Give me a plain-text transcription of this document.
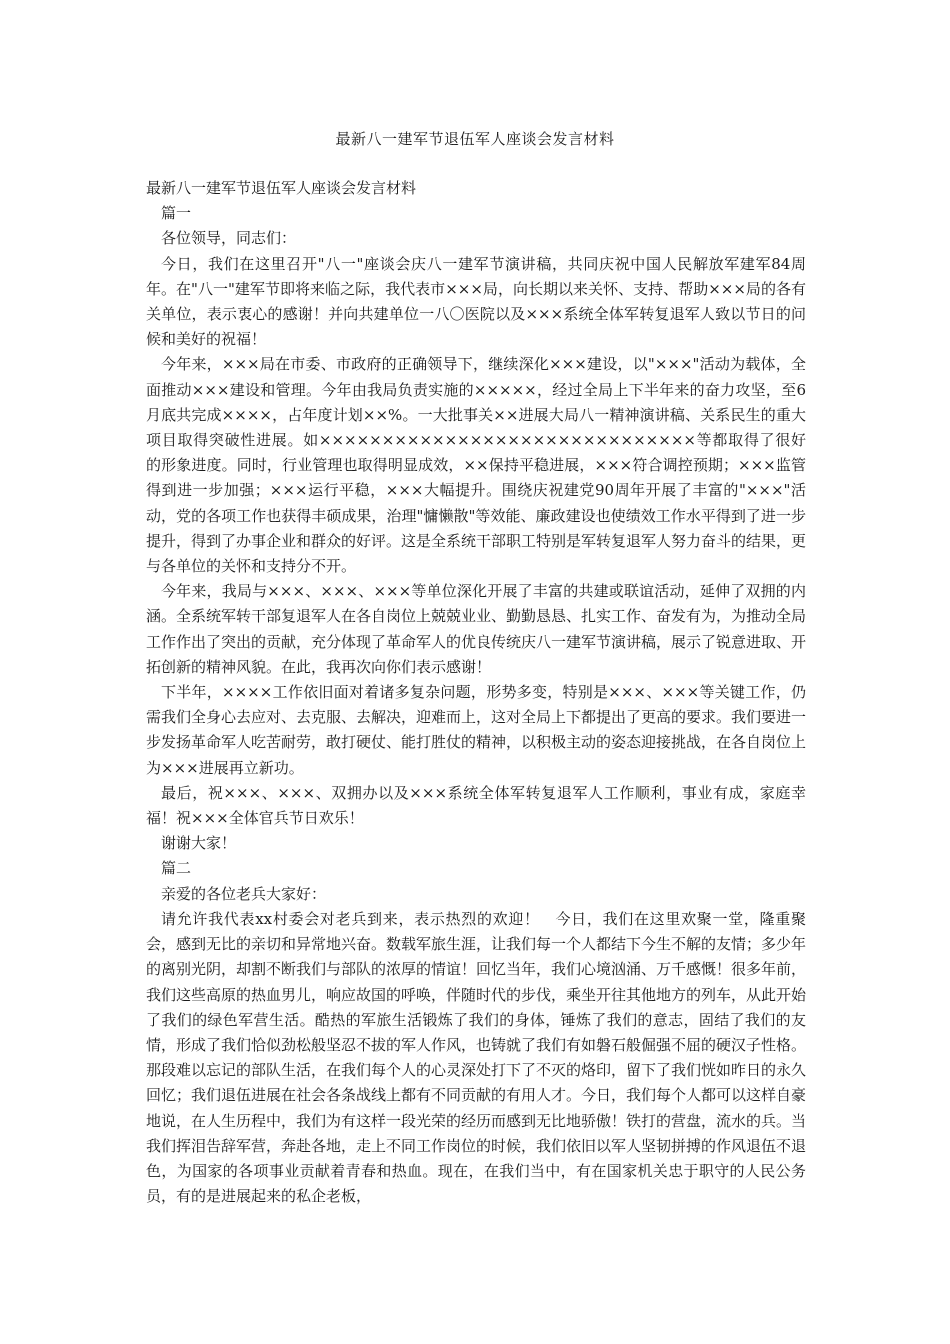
最新八一建军节退伍军人座谈会发言材料

最新八一建军节退伍军人座谈会发言材料

篇一

各位领导，同志们：

今日，我们在这里召开"八一"座谈会庆八一建军节演讲稿，共同庆祝中国人民解放军建军84周年。在"八一"建军节即将来临之际，我代表市×××局，向长期以来关怀、支持、帮助×××局的各有关单位，表示衷心的感谢！并向共建单位一八〇医院以及×××系统全体军转复退军人致以节日的问候和美好的祝福！

今年来，×××局在市委、市政府的正确领导下，继续深化×××建设，以"×××"活动为载体，全面推动×××建设和管理。今年由我局负责实施的×××××，经过全局上下半年来的奋力攻坚，至6月底共完成××××，占年度计划××%。一大批事关××进展大局八一精神演讲稿、关系民生的重大项目取得突破性进展。如××××××××××××××××××××××××××××××等都取得了很好的形象进度。同时，行业管理也取得明显成效，××保持平稳进展，×××符合调控预期；×××监管得到进一步加强；×××运行平稳，×××大幅提升。围绕庆祝建党90周年开展了丰富的"×××"活动，党的各项工作也获得丰硕成果，治理"慵懒散"等效能、廉政建设也使绩效工作水平得到了进一步提升，得到了办事企业和群众的好评。这是全系统干部职工特别是军转复退军人努力奋斗的结果，更与各单位的关怀和支持分不开。

今年来，我局与×××、×××、×××等单位深化开展了丰富的共建或联谊活动，延伸了双拥的内涵。全系统军转干部复退军人在各自岗位上兢兢业业、勤勤恳恳、扎实工作、奋发有为，为推动全局工作作出了突出的贡献，充分体现了革命军人的优良传统庆八一建军节演讲稿，展示了锐意进取、开拓创新的精神风貌。在此，我再次向你们表示感谢！

下半年，××××工作依旧面对着诸多复杂问题，形势多变，特别是×××、×××等关键工作，仍需我们全身心去应对、去克服、去解决，迎难而上，这对全局上下都提出了更高的要求。我们要进一步发扬革命军人吃苦耐劳，敢打硬仗、能打胜仗的精神，以积极主动的姿态迎接挑战，在各自岗位上为×××进展再立新功。

最后，祝×××、×××、双拥办以及×××系统全体军转复退军人工作顺利，事业有成，家庭幸福！祝×××全体官兵节日欢乐！

谢谢大家！

篇二

亲爱的各位老兵大家好：

请允许我代表xx村委会对老兵到来，表示热烈的欢迎！　今日，我们在这里欢聚一堂，隆重聚会，感到无比的亲切和异常地兴奋。数载军旅生涯，让我们每一个人都结下今生不解的友情；多少年的离别光阴，却割不断我们与部队的浓厚的情谊！回忆当年，我们心境汹涌、万千感慨！很多年前，我们这些高原的热血男儿，响应故国的呼唤，伴随时代的步伐，乘坐开往其他地方的列车，从此开始了我们的绿色军营生活。酷热的军旅生活锻炼了我们的身体，锤炼了我们的意志，固结了我们的友情，形成了我们恰似劲松般坚忍不拔的军人作风，也铸就了我们有如磐石般倔强不屈的硬汉子性格。那段难以忘记的部队生活，在我们每个人的心灵深处打下了不灭的烙印，留下了我们恍如昨日的永久回忆；我们退伍进展在社会各条战线上都有不同贡献的有用人才。今日，我们每个人都可以这样自豪地说，在人生历程中，我们为有这样一段光荣的经历而感到无比地骄傲！铁打的营盘，流水的兵。当我们挥泪告辞军营，奔赴各地，走上不同工作岗位的时候，我们依旧以军人坚韧拼搏的作风退伍不退色，为国家的各项事业贡献着青春和热血。现在，在我们当中，有在国家机关忠于职守的人民公务员，有的是进展起来的私企老板，
